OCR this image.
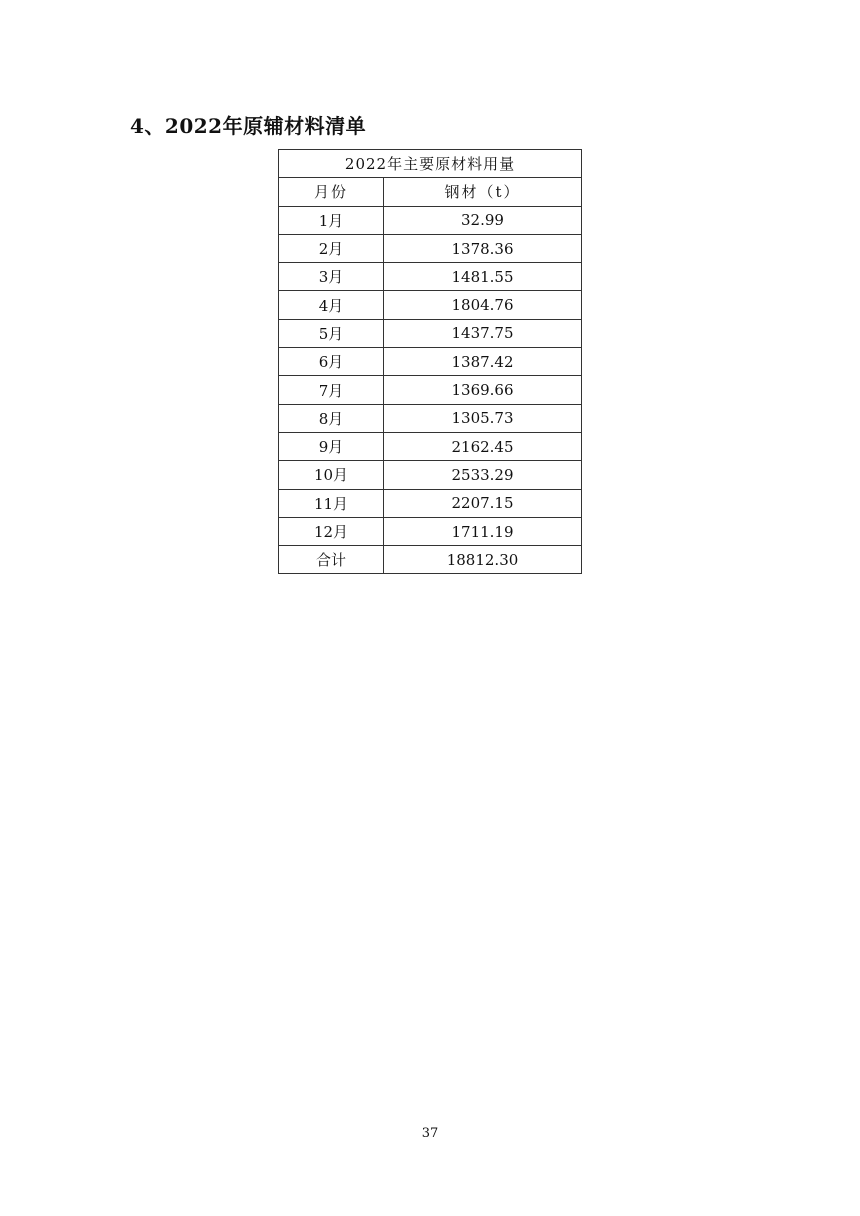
4、2022年原辅材料清单
2022年主要原材料用量	
月份	钢材（t）
1月	32.99
2月	1378.36
3月	1481.55
4月	1804.76
5月	1437.75
6月	1387.42
7月	1369.66
8月	1305.73
9月	2162.45
10月	2533.29
11月	2207.15
12月	1711.19
合计	18812.30
37
